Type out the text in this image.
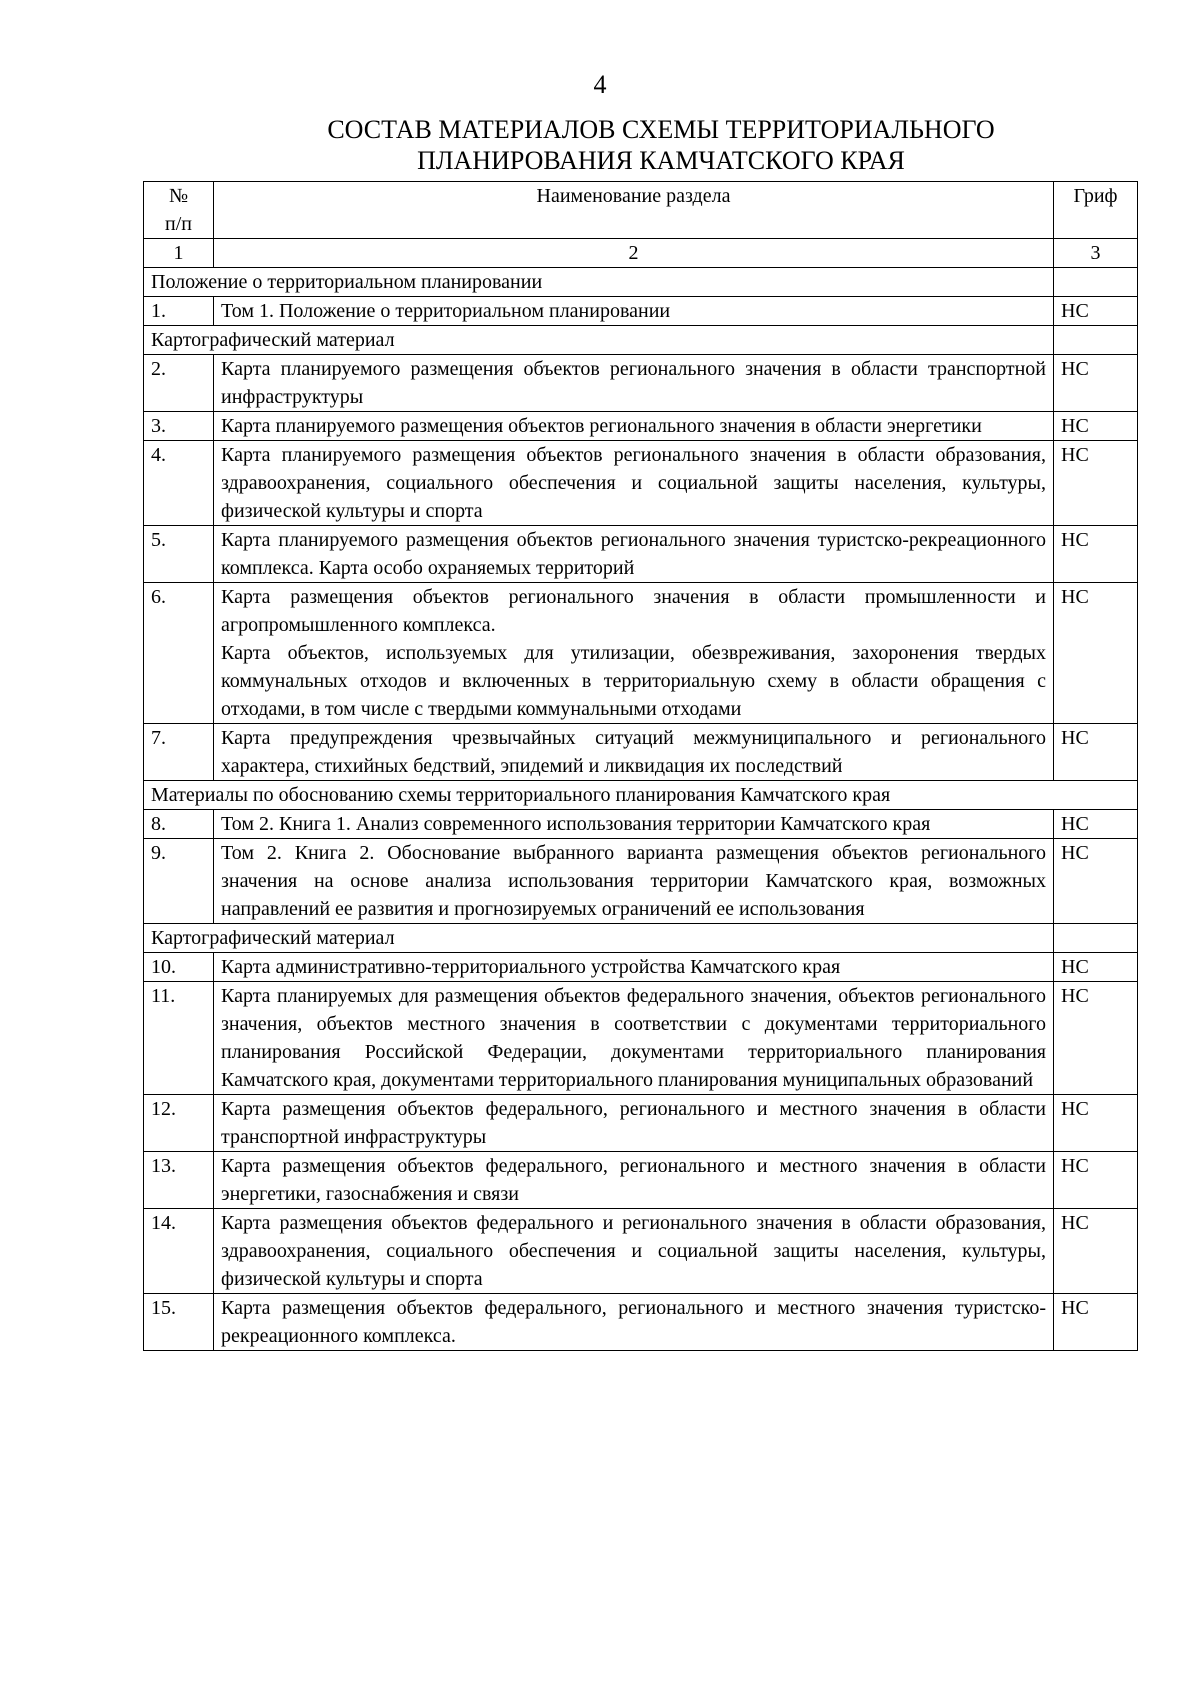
4
СОСТАВ МАТЕРИАЛОВ СХЕМЫ ТЕРРИТОРИАЛЬНОГО
ПЛАНИРОВАНИЯ КАМЧАТСКОГО КРАЯ
№
п/п	Наименование раздела	Гриф
1	2	3
Положение о территориальном планировании		
1.	Том 1. Положение о территориальном планировании	НС
Картографический материал		
2.	Карта планируемого размещения объектов регионального значения в области транспортной инфраструктуры	НС
3.	Карта планируемого размещения объектов регионального значения в области энергетики	НС
4.	Карта планируемого размещения объектов регионального значения в области образования, здравоохранения, социального обеспечения и социальной защиты населения, культуры, физической культуры и спорта	НС
5.	Карта планируемого размещения объектов регионального значения туристско-рекреационного комплекса. Карта особо охраняемых территорий	НС
6.	Карта размещения объектов регионального значения в области промышленности и агропромышленного комплекса.
Карта объектов, используемых для утилизации, обезвреживания, захоронения твердых коммунальных отходов и включенных в территориальную схему в области обращения с отходами, в том числе с твердыми коммунальными отходами	НС
7.	Карта предупреждения чрезвычайных ситуаций межмуниципального и регионального характера, стихийных бедствий, эпидемий и ликвидация их последствий	НС
Материалы по обоснованию схемы территориального планирования Камчатского края		
8.	Том 2. Книга 1. Анализ современного использования территории Камчатского края	НС
9.	Том 2. Книга 2. Обоснование выбранного варианта размещения объектов регионального значения на основе анализа использования территории Камчатского края, возможных направлений ее развития и прогнозируемых ограничений ее использования	НС
Картографический материал		
10.	Карта административно-территориального устройства Камчатского края	НС
11.	Карта планируемых для размещения объектов федерального значения, объектов регионального значения, объектов местного значения в соответствии с документами территориального планирования Российской Федерации, документами территориального планирования Камчатского края, документами территориального планирования муниципальных образований	НС
12.	Карта размещения объектов федерального, регионального и местного значения в области транспортной инфраструктуры	НС
13.	Карта размещения объектов федерального, регионального и местного значения в области энергетики, газоснабжения и связи	НС
14.	Карта размещения объектов федерального и регионального значения в области образования, здравоохранения, социального обеспечения и социальной защиты населения, культуры, физической культуры и спорта	НС
15.	Карта размещения объектов федерального, регионального и местного значения туристско-рекреационного комплекса.	НС
